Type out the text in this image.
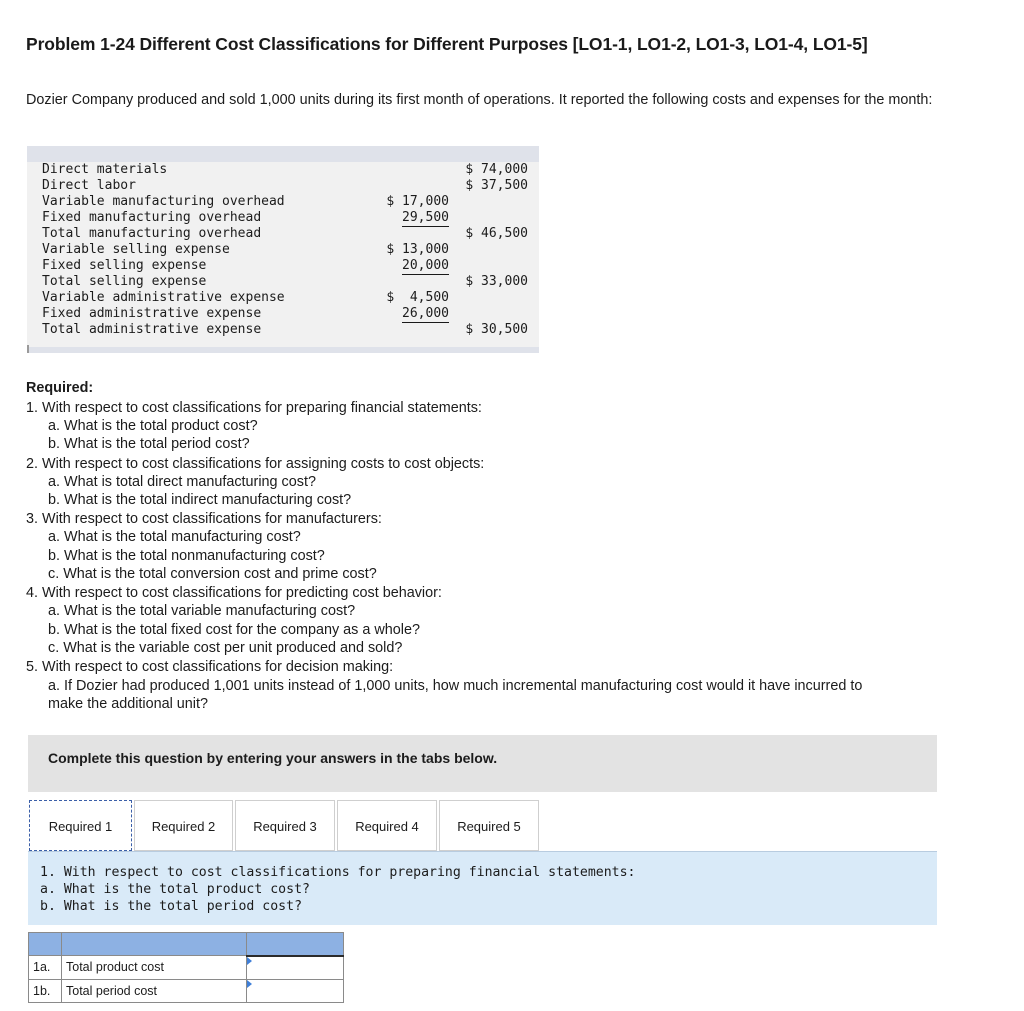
Problem 1-24 Different Cost Classifications for Different Purposes [LO1-1, LO1-2, LO1-3, LO1-4, LO1-5]
Dozier Company produced and sold 1,000 units during its first month of operations. It reported the following costs and expenses for the month:
Direct materials	$ 74,000
Direct labor	$ 37,500
Variable manufacturing overhead	$ 17,000
Fixed manufacturing overhead	29,500
Total manufacturing overhead	$ 46,500
Variable selling expense	$ 13,000
Fixed selling expense	20,000
Total selling expense	$ 33,000
Variable administrative expense	$  4,500
Fixed administrative expense	26,000
Total administrative expense	$ 30,500
Required:
1. With respect to cost classifications for preparing financial statements:
a. What is the total product cost?
b. What is the total period cost?
2. With respect to cost classifications for assigning costs to cost objects:
a. What is total direct manufacturing cost?
b. What is the total indirect manufacturing cost?
3. With respect to cost classifications for manufacturers:
a. What is the total manufacturing cost?
b. What is the total nonmanufacturing cost?
c. What is the total conversion cost and prime cost?
4. With respect to cost classifications for predicting cost behavior:
a. What is the total variable manufacturing cost?
b. What is the total fixed cost for the company as a whole?
c. What is the variable cost per unit produced and sold?
5. With respect to cost classifications for decision making:
a. If Dozier had produced 1,001 units instead of 1,000 units, how much incremental manufacturing cost would it have incurred to
make the additional unit?
Complete this question by entering your answers in the tabs below.
Required 1	Required 2	Required 3	Required 4	Required 5
1. With respect to cost classifications for preparing financial statements:
a. What is the total product cost?
b. What is the total period cost?

1a.	Total product cost	

1b.	Total period cost	
